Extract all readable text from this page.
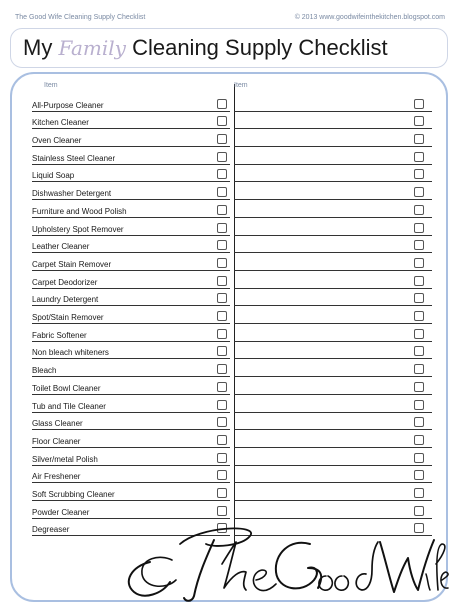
The Good Wife Cleaning Supply Checklist	© 2013 www.goodwifeinthekitchen.blogspot.com
My Family Cleaning Supply Checklist
Item
All-Purpose Cleaner
Kitchen Cleaner
Oven Cleaner
Stainless Steel Cleaner
Liquid Soap
Dishwasher Detergent
Furniture and Wood Polish
Upholstery Spot Remover
Leather Cleaner
Carpet Stain Remover
Carpet Deodorizer
Laundry Detergent
Spot/Stain Remover
Fabric Softener
Non bleach whiteners
Bleach
Toilet Bowl Cleaner
Tub and Tile Cleaner
Glass Cleaner
Floor Cleaner
Silver/metal Polish
Air Freshener
Soft Scrubbing Cleaner
Powder Cleaner
Degreaser
Item
